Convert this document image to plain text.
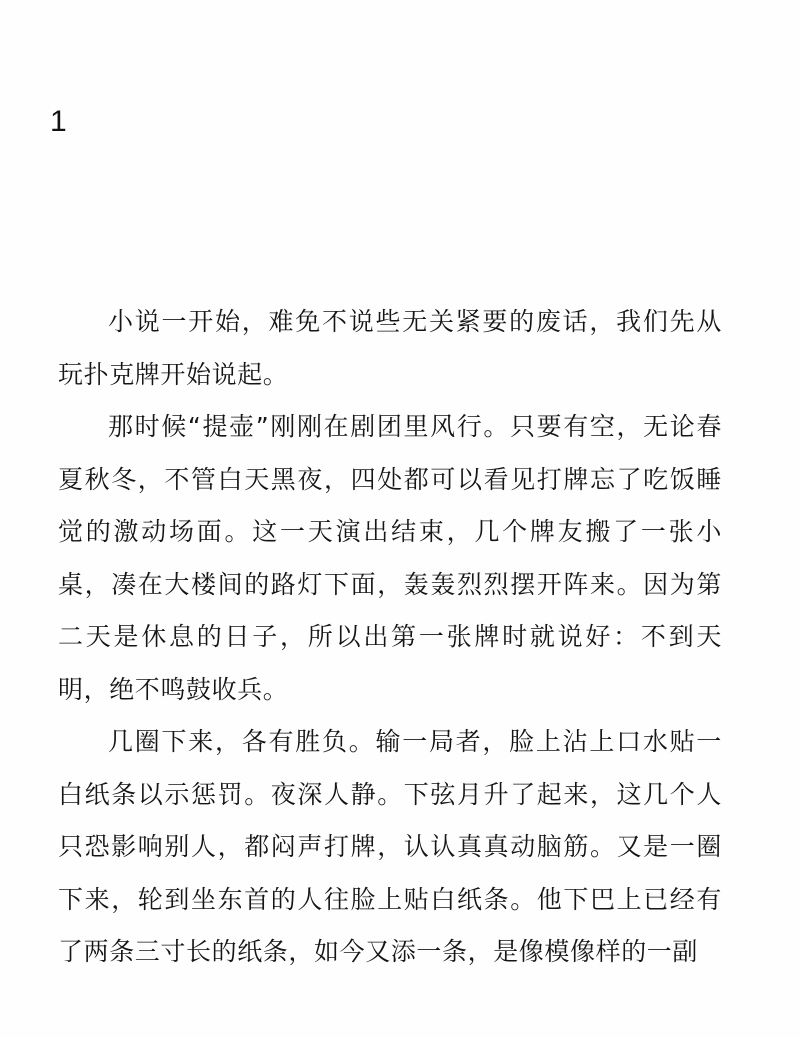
1

小说一开始，难免不说些无关紧要的废话，我们先从玩扑克牌开始说起。

那时候“提壶”刚刚在剧团里风行。只要有空，无论春夏秋冬，不管白天黑夜，四处都可以看见打牌忘了吃饭睡觉的激动场面。这一天演出结束，几个牌友搬了一张小桌，凑在大楼间的路灯下面，轰轰烈烈摆开阵来。因为第二天是休息的日子，所以出第一张牌时就说好：不到天明，绝不鸣鼓收兵。

几圈下来，各有胜负。输一局者，脸上沾上口水贴一白纸条以示惩罚。夜深人静。下弦月升了起来，这几个人只恐影响别人，都闷声打牌，认认真真动脑筋。又是一圈下来，轮到坐东首的人往脸上贴白纸条。他下巴上已经有了两条三寸长的纸条，如今又添一条，是像模像样的一副
